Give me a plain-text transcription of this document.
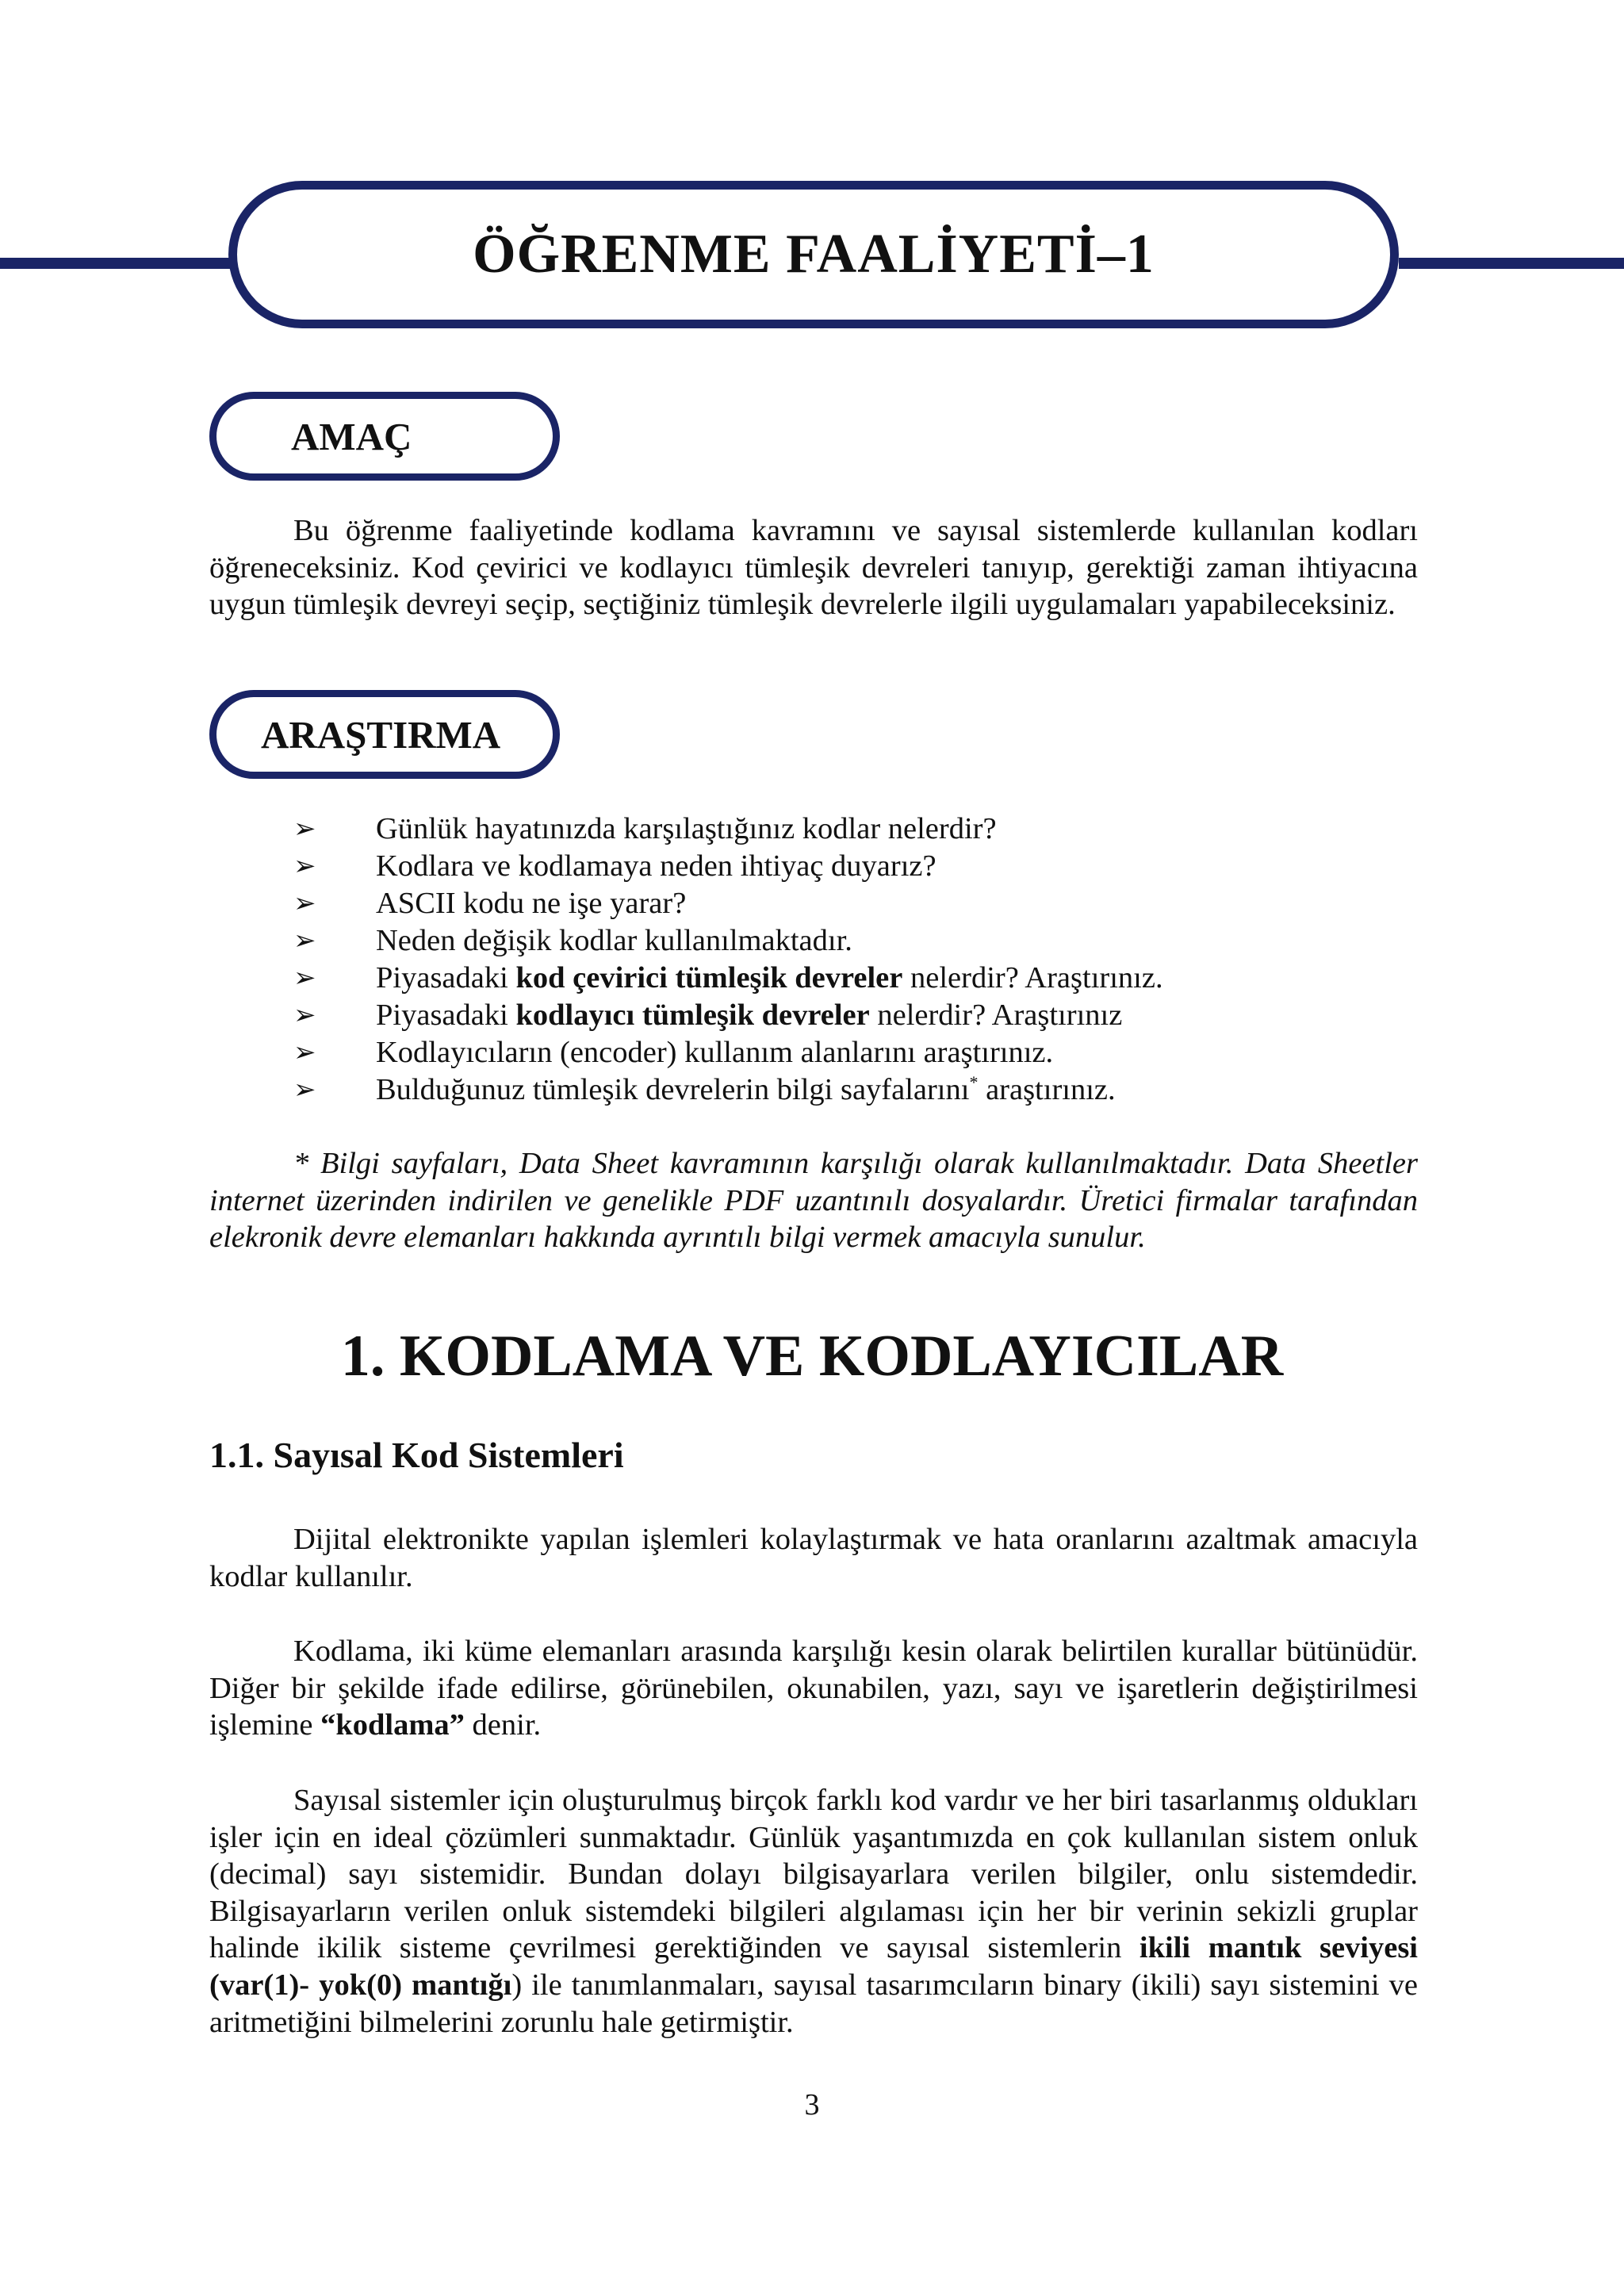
ÖĞRENME FAALİYETİ–1
AMAÇ

Bu öğrenme faaliyetinde kodlama kavramını ve sayısal sistemlerde kullanılan kodları öğreneceksiniz. Kod çevirici ve kodlayıcı tümleşik devreleri tanıyıp, gerektiği zaman ihtiyacına uygun tümleşik devreyi seçip, seçtiğiniz tümleşik devrelerle ilgili uygulamaları yapabileceksiniz.

ARAŞTIRMA
➢ Günlük hayatınızda karşılaştığınız kodlar nelerdir?
➢ Kodlara ve kodlamaya neden ihtiyaç duyarız?
➢ ASCII kodu ne işe yarar?
➢ Neden değişik kodlar kullanılmaktadır.
➢ Piyasadaki kod çevirici tümleşik devreler nelerdir? Araştırınız.
➢ Piyasadaki kodlayıcı tümleşik devreler nelerdir? Araştırınız
➢ Kodlayıcıların (encoder) kullanım alanlarını araştırınız.
➢ Bulduğunuz tümleşik devrelerin bilgi sayfalarını* araştırınız.

* Bilgi sayfaları, Data Sheet kavramının karşılığı olarak kullanılmaktadır. Data Sheetler internet üzerinden indirilen ve genelikle PDF uzantınılı dosyalardır. Üretici firmalar tarafından elekronik devre elemanları hakkında ayrıntılı bilgi vermek amacıyla sunulur.

1. KODLAMA VE KODLAYICILAR
1.1. Sayısal Kod Sistemleri

Dijital elektronikte yapılan işlemleri kolaylaştırmak ve hata oranlarını azaltmak amacıyla kodlar kullanılır.

Kodlama, iki küme elemanları arasında karşılığı kesin olarak belirtilen kurallar bütünüdür. Diğer bir şekilde ifade edilirse, görünebilen, okunabilen, yazı, sayı ve işaretlerin değiştirilmesi işlemine “kodlama” denir.

Sayısal sistemler için oluşturulmuş birçok farklı kod vardır ve her biri tasarlanmış oldukları işler için en ideal çözümleri sunmaktadır. Günlük yaşantımızda en çok kullanılan sistem onluk (decimal) sayı sistemidir. Bundan dolayı bilgisayarlara verilen bilgiler, onlu sistemdedir. Bilgisayarların verilen onluk sistemdeki bilgileri algılaması için her bir verinin sekizli gruplar halinde ikilik sisteme çevrilmesi gerektiğinden ve sayısal sistemlerin ikili mantık seviyesi (var(1)- yok(0) mantığı) ile tanımlanmaları, sayısal tasarımcıların binary (ikili) sayı sistemini ve aritmetiğini bilmelerini zorunlu hale getirmiştir.

3
